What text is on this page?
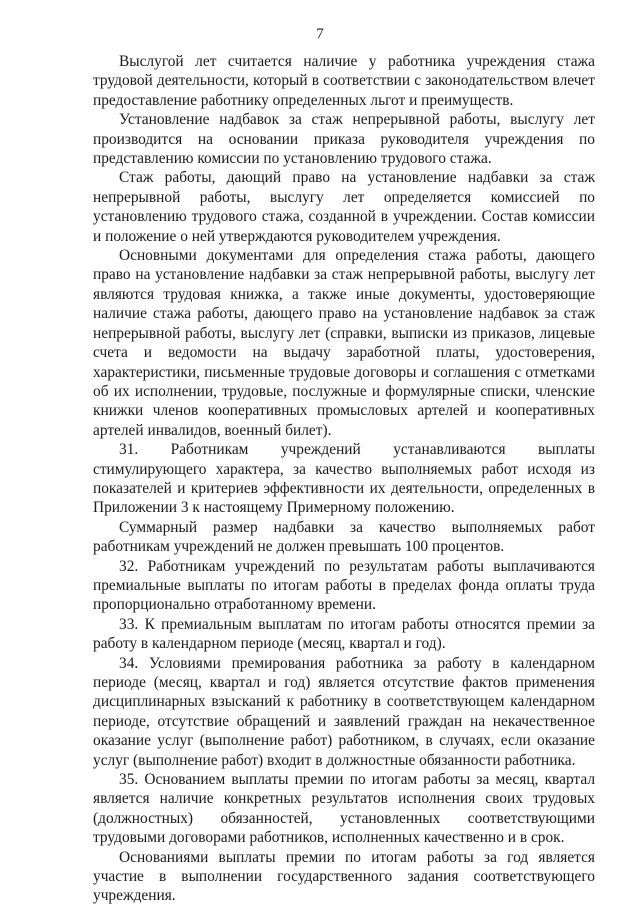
7

Выслугой лет считается наличие у работника учреждения стажа трудовой деятельности, который в соответствии с законодательством влечет предоставление работнику определенных льгот и преимуществ.

Установление надбавок за стаж непрерывной работы, выслугу лет производится на основании приказа руководителя учреждения по представлению комиссии по установлению трудового стажа.

Стаж работы, дающий право на установление надбавки за стаж непрерывной работы, выслугу лет определяется комиссией по установлению трудового стажа, созданной в учреждении. Состав комиссии и положение о ней утверждаются руководителем учреждения.

Основными документами для определения стажа работы, дающего право на установление надбавки за стаж непрерывной работы, выслугу лет являются трудовая книжка, а также иные документы, удостоверяющие наличие стажа работы, дающего право на установление надбавок за стаж непрерывной работы, выслугу лет (справки, выписки из приказов, лицевые счета и ведомости на выдачу заработной платы, удостоверения, характеристики, письменные трудовые договоры и соглашения с отметками об их исполнении, трудовые, послужные и формулярные списки, членские книжки членов кооперативных промысловых артелей и кооперативных артелей инвалидов, военный билет).

31. Работникам учреждений устанавливаются выплаты стимулирующего характера, за качество выполняемых работ исходя из показателей и критериев эффективности их деятельности, определенных в Приложении 3 к настоящему Примерному положению.

Суммарный размер надбавки за качество выполняемых работ работникам учреждений не должен превышать 100 процентов.

32. Работникам учреждений по результатам работы выплачиваются премиальные выплаты по итогам работы в пределах фонда оплаты труда пропорционально отработанному времени.

33. К премиальным выплатам по итогам работы относятся премии за работу в календарном периоде (месяц, квартал и год).

34. Условиями премирования работника за работу в календарном периоде (месяц, квартал и год) является отсутствие фактов применения дисциплинарных взысканий к работнику в соответствующем календарном периоде, отсутствие обращений и заявлений граждан на некачественное оказание услуг (выполнение работ) работником, в случаях, если оказание услуг (выполнение работ) входит в должностные обязанности работника.

35. Основанием выплаты премии по итогам работы за месяц, квартал является наличие конкретных результатов исполнения своих трудовых (должностных) обязанностей, установленных соответствующими трудовыми договорами работников, исполненных качественно и в срок.

Основаниями выплаты премии по итогам работы за год является участие в выполнении государственного задания соответствующего учреждения.
